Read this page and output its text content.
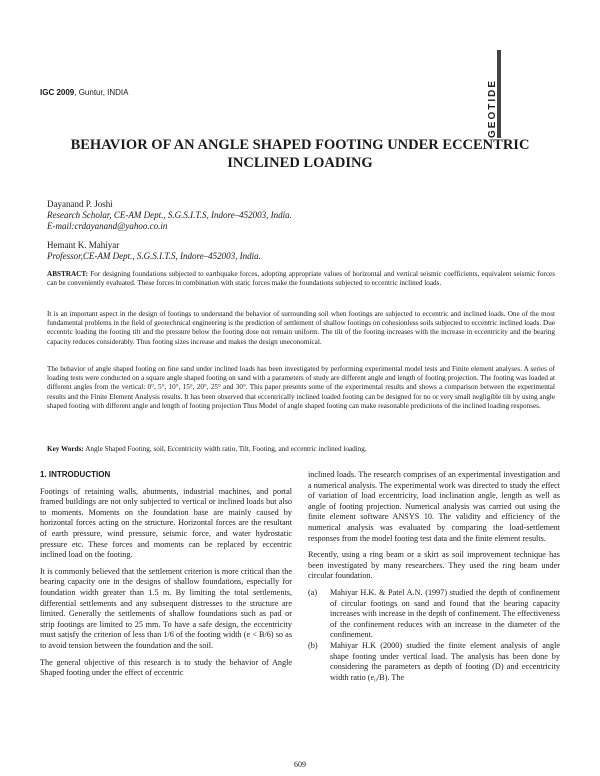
IGC 2009, Guntur, INDIA	GEOTIDE
BEHAVIOR OF AN ANGLE SHAPED FOOTING UNDER ECCENTRIC
INCLINED LOADING
Dayanand P. Joshi
Research Scholar, CE-AM Dept., S.G.S.I.T.S, Indore–452003, India.
E-mail:crdayanand@yahoo.co.in
Hemant K. Mahiyar
Professor,CE-AM Dept., S.G.S.I.T.S, Indore–452003, India.

ABSTRACT: For designing foundations subjected to earthquake forces, adopting appropriate values of horizontal and vertical seismic coefficients, equivalent seismic forces can be conveniently evaluated. These forces in combination with static forces make the foundations subjected to eccentric inclined loads.

It is an important aspect in the design of footings to understand the behavior of surrounding soil when footings are subjected to eccentric and inclined loads. One of the most fundamental problems in the field of geotechnical engineering is the prediction of settlement of shallow footings on cohesionless soils subjected to eccentric inclined loads. Due eccentric loading the footing tilt and the pressure below the footing dose not remain uniform. The tilt of the footing increases with the increase in eccentricity and the bearing capacity reduces considerably. Thus footing sizes increase and makes the design uneconomical.

The behavior of angle shaped footing on fine sand under inclined loads has been investigated by performing experimental model tests and Finite element analyses. A series of loading tests were conducted on a square angle shaped footing on sand with a parameters of study are different angle and length of footing projection. The footing was loaded at different angles from the vertical: 0°, 5°, 10°, 15°, 20°, 25° and 30°. This paper presents some of the experimental results and shows a comparison between the experimental results and the Finite Element Analysis results. It has been observed that eccentrically inclined loaded footing can be designed for no or very small negligible tilt by using angle shaped footing with different angle and length of footing projection Thus Model of angle shaped footing can make reasonable predictions of the inclined loading responses.

Key Words: Angle Shaped Footing, soil, Eccentricity width ratio, Tilt, Footing, and eccentric inclined loading.

1. INTRODUCTION

Footings of retaining walls, abutments, industrial machines, and portal framed buildings are not only subjected to vertical or inclined loads but also to moments. Moments on the foundation base are mainly caused by horizontal forces acting on the structure. Horizontal forces are the resultant of earth pressure, wind pressure, seismic force, and water hydrostatic pressure etc. These forces and moments can be replaced by eccentric inclined load on the footing.

It is commonly believed that the settlement criterion is more critical than the bearing capacity one in the designs of shallow foundations, especially for foundation width greater than 1.5 m. By limiting the total settlements, differential settlements and any subsequent distresses to the structure are limited. Generally the settlements of shallow foundations such as pad or strip footings are limited to 25 mm. To have a safe design, the eccentricity must satisfy the criterion of less than 1/6 of the footing width (e < B/6) so as to avoid tension between the foundation and the soil.

The general objective of this research is to study the behavior of Angle Shaped footing under the effect of eccentric

inclined loads. The research comprises of an experimental investigation and a numerical analysis. The experimental work was directed to study the effect of variation of load eccentricity, load inclination angle, length as well as angle of footing projection. Numerical analysis was carried out using the finite element software ANSYS 10. The validity and efficiency of the numerical analysis was evaluated by comparing the load-settlement responses from the model footing test data and the finite element results.

Recently, using a ring beam or a skirt as soil improvement technique has been investigated by many researchers. They used the ring beam under circular foundation.

(a) Mahiyar H.K. & Patel A.N. (1997) studied the depth of confinement of circular footings on sand and found that the bearing capacity increases with increase in the depth of confinement. The effectiveness of the confinement reduces with an increase in the diameter of the confinement.
(b) Mahiyar H.K (2000) studied the finite element analysis of angle shape footing under vertical load. The analysis has been done by considering the parameters as depth of footing (D) and eccentricity width ratio (e₀/B). The
609
